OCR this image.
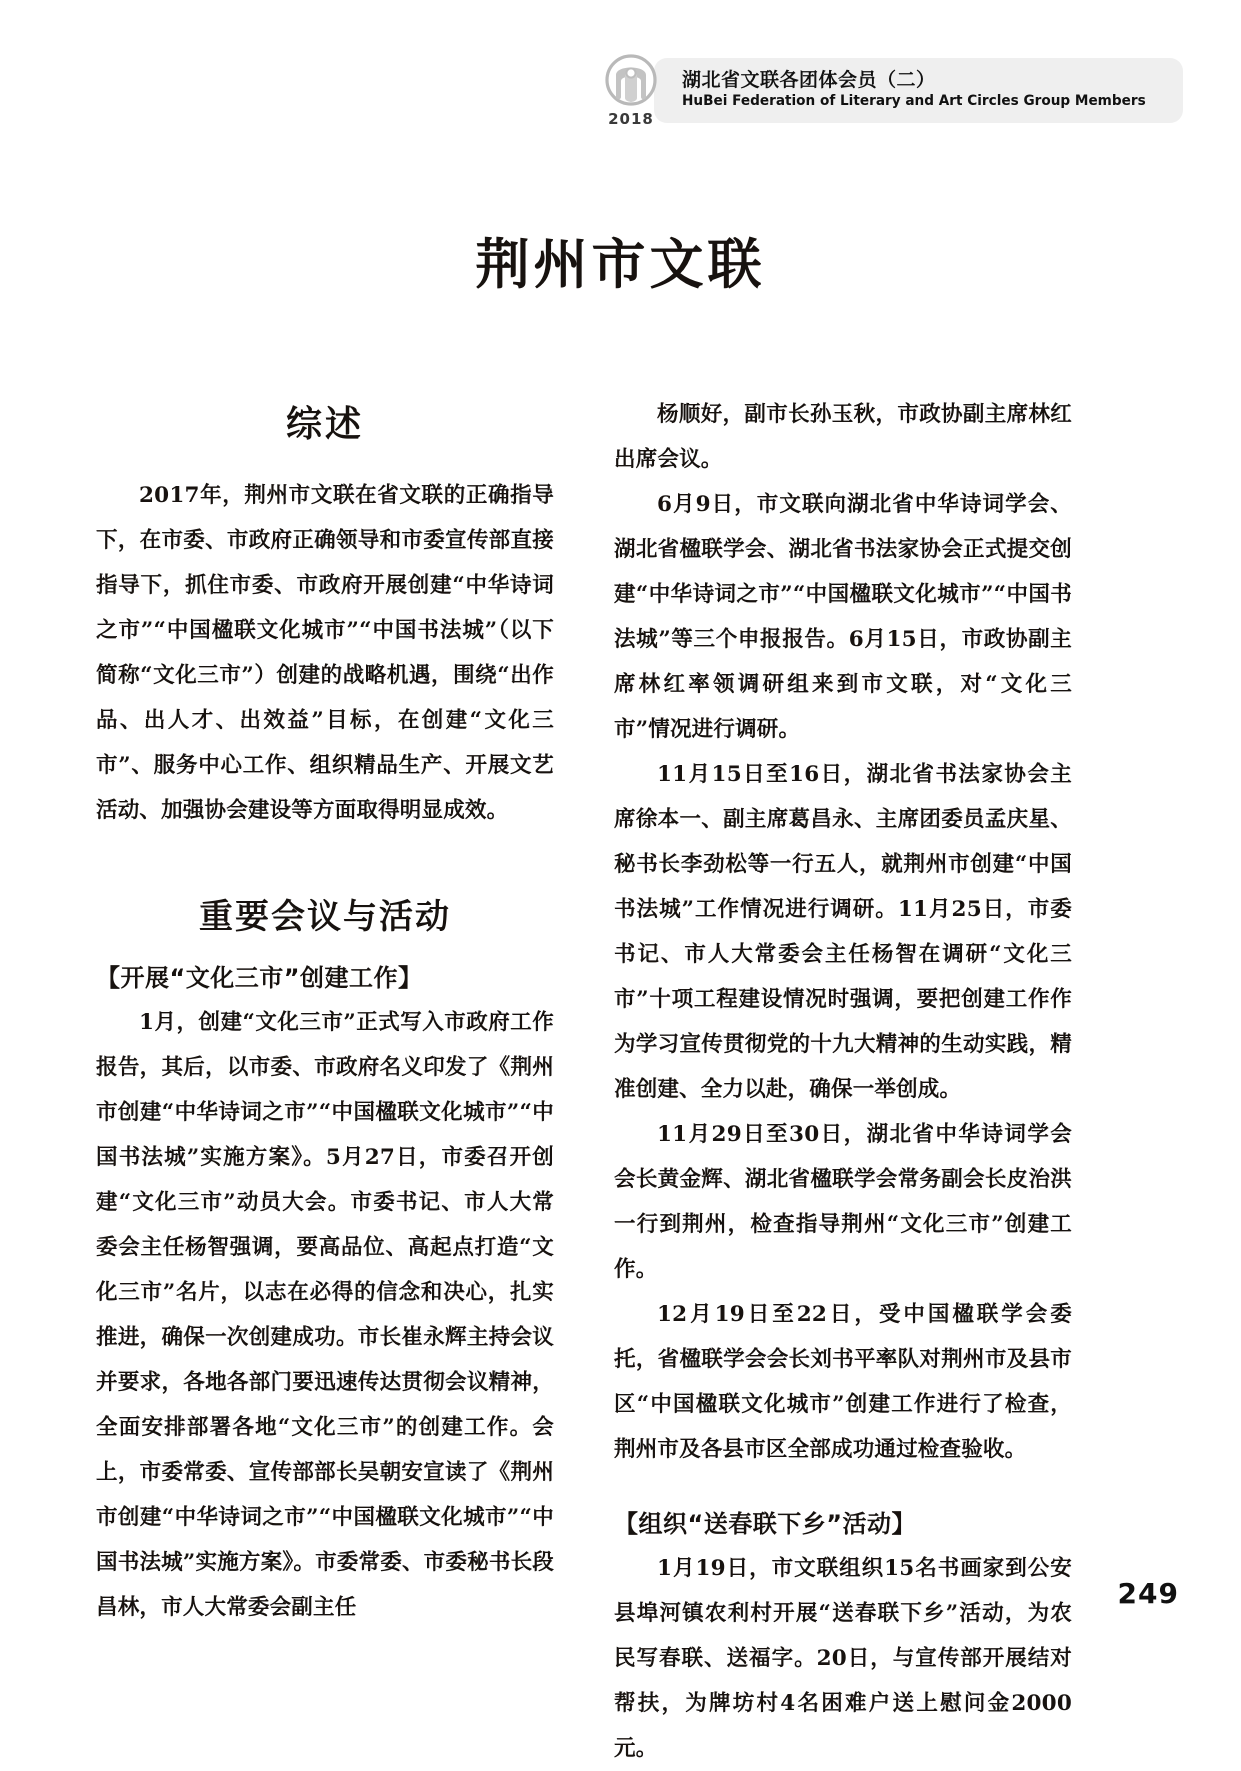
2018
湖北省文联各团体会员（二）
HuBei Federation of Literary and Art Circles Group Members
荆州市文联
综述

2017年，荆州市文联在省文联的正确指导下，在市委、市政府正确领导和市委宣传部直接指导下，抓住市委、市政府开展创建“中华诗词之市”“中国楹联文化城市”“中国书法城”（以下简称“文化三市”）创建的战略机遇，围绕“出作品、出人才、出效益”目标，在创建“文化三市”、服务中心工作、组织精品生产、开展文艺活动、加强协会建设等方面取得明显成效。

重要会议与活动
【开展“文化三市”创建工作】

1月，创建“文化三市”正式写入市政府工作报告，其后，以市委、市政府名义印发了《荆州市创建“中华诗词之市”“中国楹联文化城市”“中国书法城”实施方案》。5月27日，市委召开创建“文化三市”动员大会。市委书记、市人大常委会主任杨智强调，要高品位、高起点打造“文化三市”名片，以志在必得的信念和决心，扎实推进，确保一次创建成功。市长崔永辉主持会议并要求，各地各部门要迅速传达贯彻会议精神，全面安排部署各地“文化三市”的创建工作。会上，市委常委、宣传部部长吴朝安宣读了《荆州市创建“中华诗词之市”“中国楹联文化城市”“中国书法城”实施方案》。市委常委、市委秘书长段昌林，市人大常委会副主任

杨顺好，副市长孙玉秋，市政协副主席林红出席会议。

6月9日，市文联向湖北省中华诗词学会、湖北省楹联学会、湖北省书法家协会正式提交创建“中华诗词之市”“中国楹联文化城市”“中国书法城”等三个申报报告。6月15日，市政协副主席林红率领调研组来到市文联，对“文化三市”情况进行调研。

11月15日至16日，湖北省书法家协会主席徐本一、副主席葛昌永、主席团委员孟庆星、秘书长李劲松等一行五人，就荆州市创建“中国书法城”工作情况进行调研。11月25日，市委书记、市人大常委会主任杨智在调研“文化三市”十项工程建设情况时强调，要把创建工作作为学习宣传贯彻党的十九大精神的生动实践，精准创建、全力以赴，确保一举创成。

11月29日至30日，湖北省中华诗词学会会长黄金辉、湖北省楹联学会常务副会长皮治洪一行到荆州，检查指导荆州“文化三市”创建工作。

12月19日至22日，受中国楹联学会委托，省楹联学会会长刘书平率队对荆州市及县市区“中国楹联文化城市”创建工作进行了检查，荆州市及各县市区全部成功通过检查验收。

【组织“送春联下乡”活动】

1月19日，市文联组织15名书画家到公安县埠河镇农利村开展“送春联下乡”活动，为农民写春联、送福字。20日，与宣传部开展结对帮扶，为牌坊村4名困难户送上慰问金2000元。

249
